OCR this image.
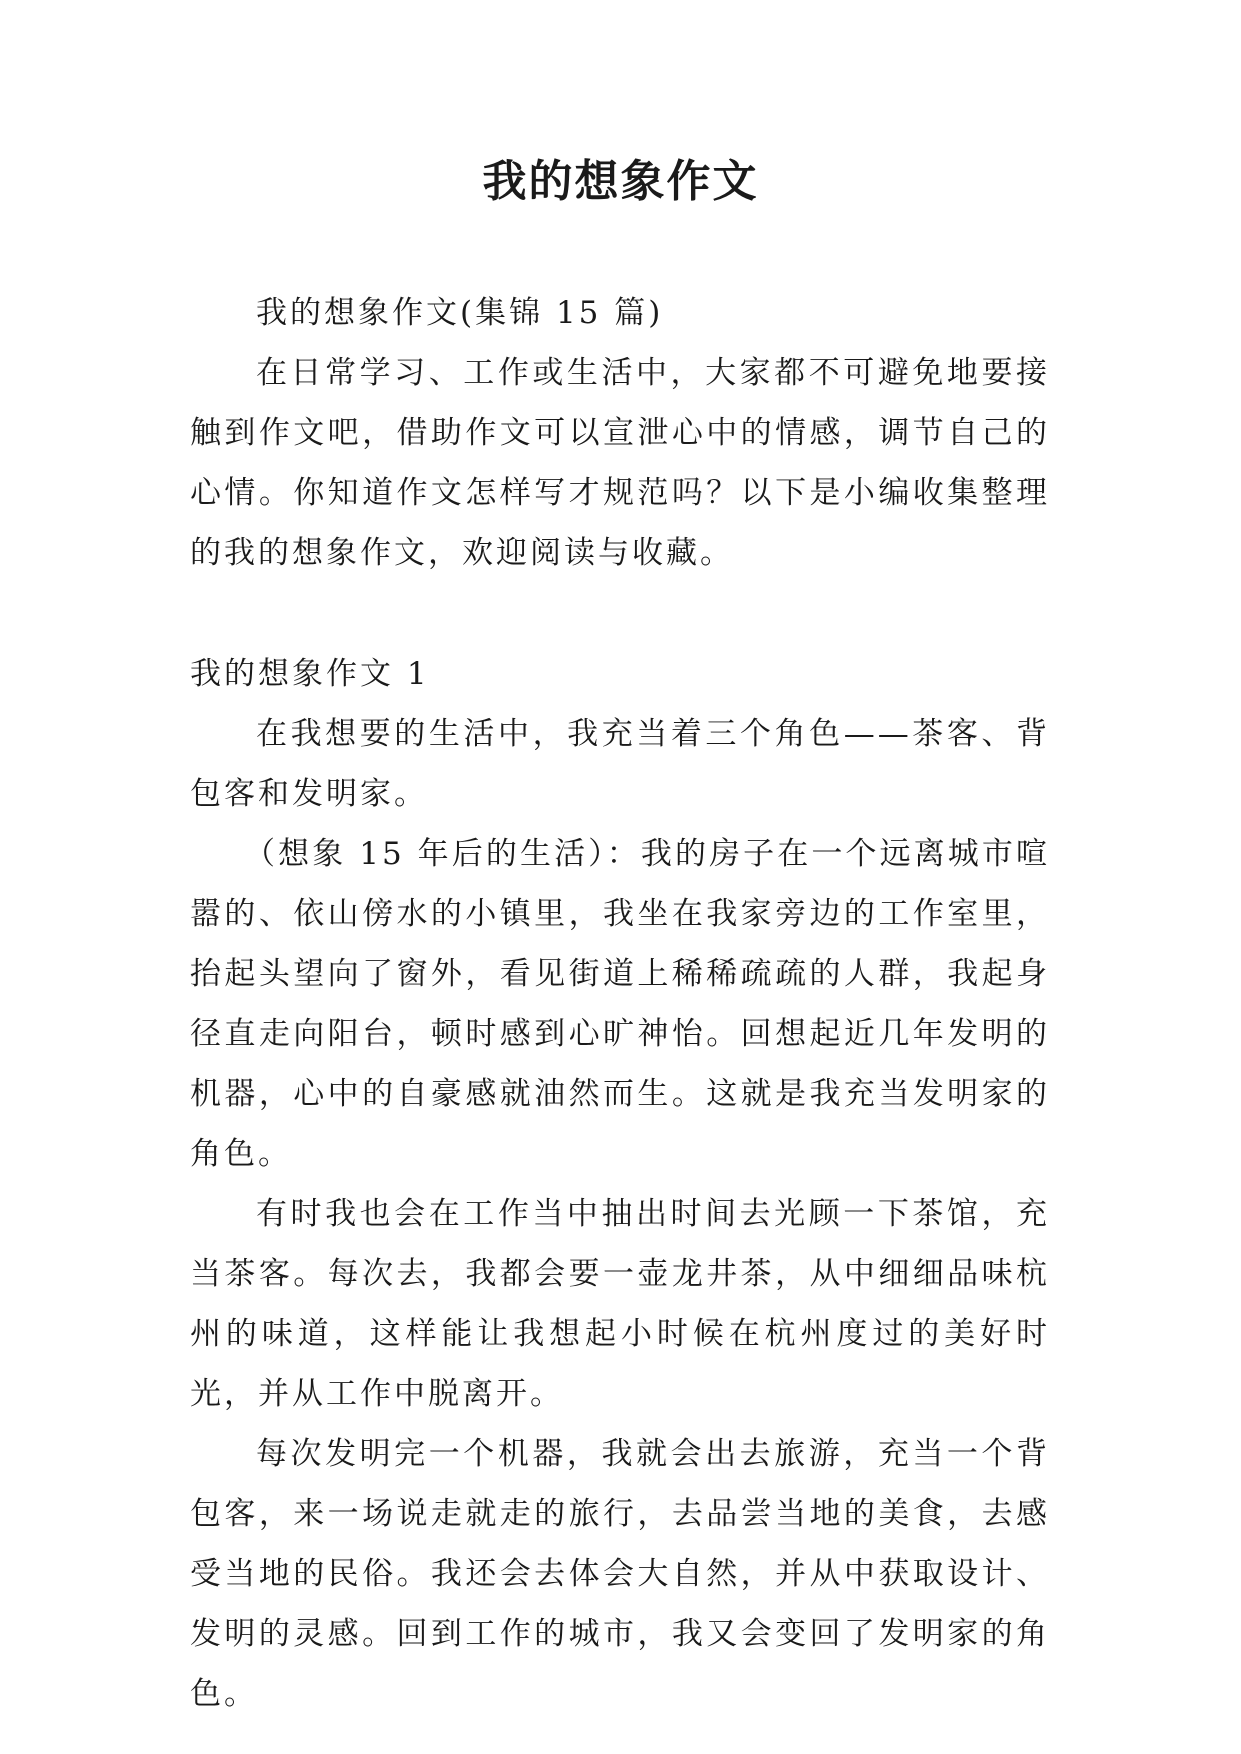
我的想象作文

我的想象作文(集锦 15 篇)

在日常学习、工作或生活中，大家都不可避免地要接触到作文吧，借助作文可以宣泄心中的情感，调节自己的心情。你知道作文怎样写才规范吗？以下是小编收集整理的我的想象作文，欢迎阅读与收藏。

我的想象作文 1

在我想要的生活中，我充当着三个角色——茶客、背包客和发明家。

（想象 15 年后的生活）：我的房子在一个远离城市喧嚣的、依山傍水的小镇里，我坐在我家旁边的工作室里，抬起头望向了窗外，看见街道上稀稀疏疏的人群，我起身径直走向阳台，顿时感到心旷神怡。回想起近几年发明的机器，心中的自豪感就油然而生。这就是我充当发明家的角色。

有时我也会在工作当中抽出时间去光顾一下茶馆，充当茶客。每次去，我都会要一壶龙井茶，从中细细品味杭州的味道，这样能让我想起小时候在杭州度过的美好时光，并从工作中脱离开。

每次发明完一个机器，我就会出去旅游，充当一个背包客，来一场说走就走的旅行，去品尝当地的美食，去感受当地的民俗。我还会去体会大自然，并从中获取设计、发明的灵感。回到工作的城市，我又会变回了发明家的角色。
